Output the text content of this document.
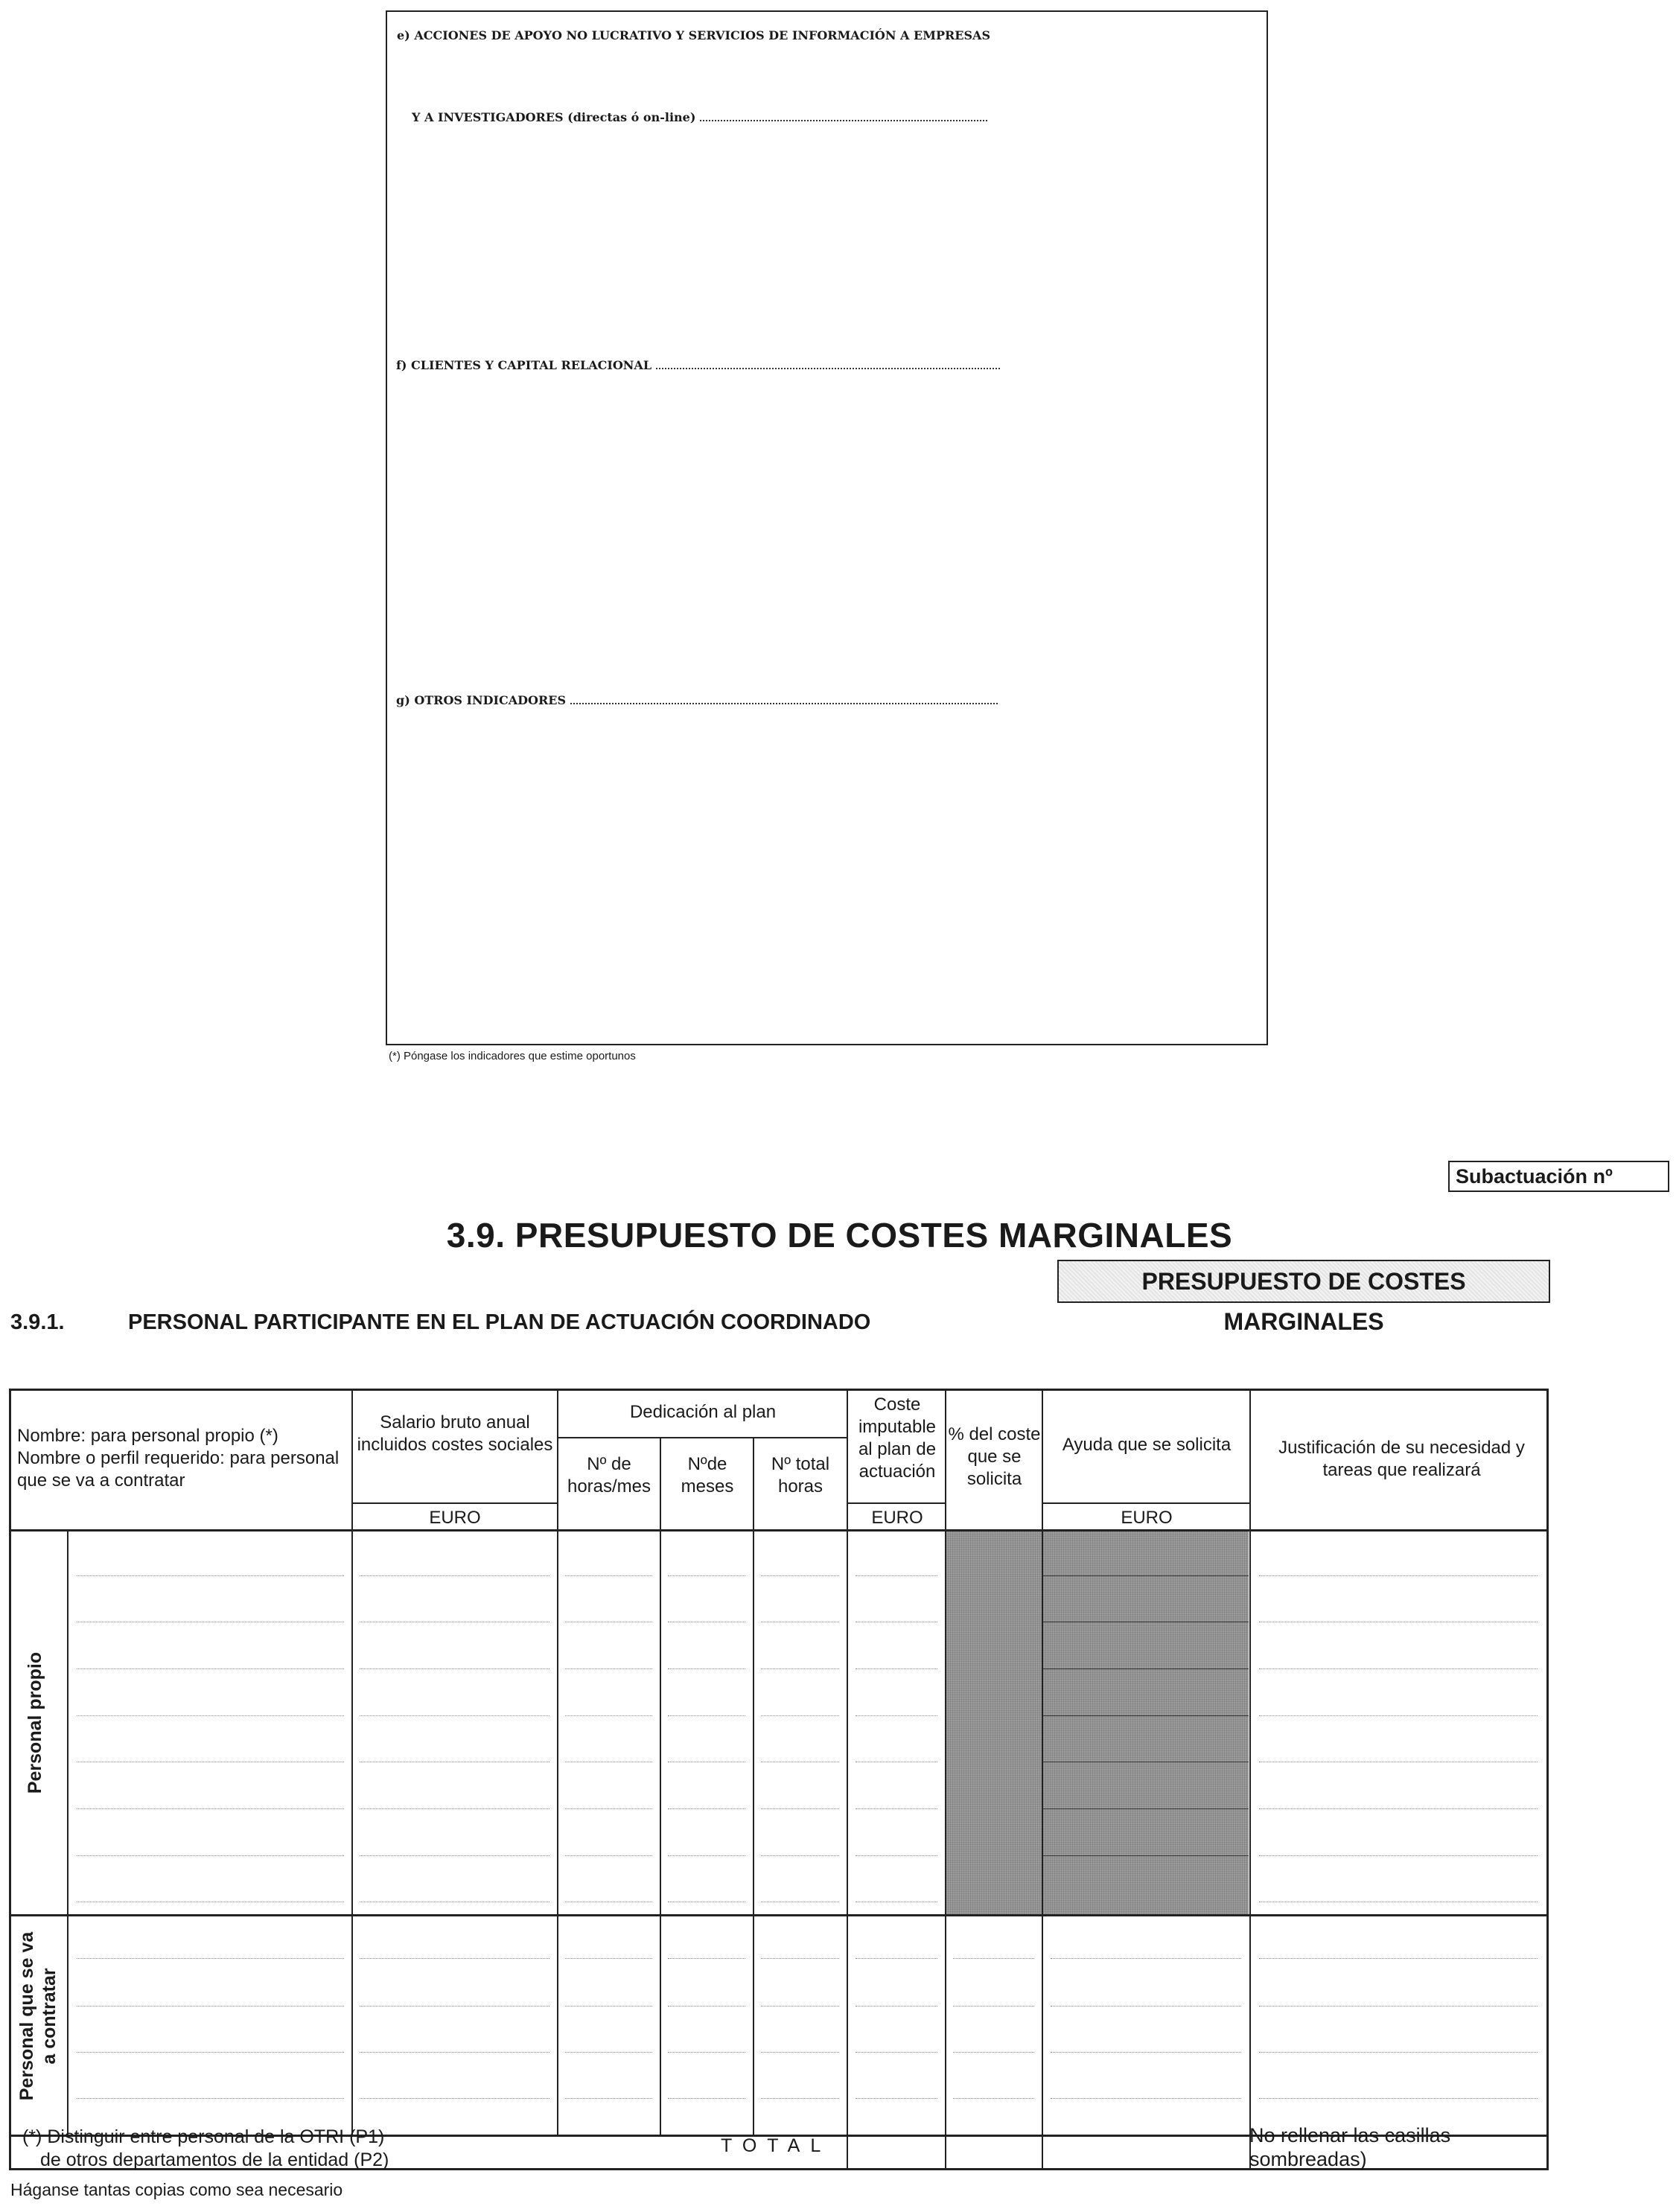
e) ACCIONES DE APOYO NO LUCRATIVO Y SERVICIOS DE INFORMACIÓN A EMPRESAS
Y A INVESTIGADORES (directas ó on-line)
f) CLIENTES Y CAPITAL RELACIONAL
g) OTROS INDICADORES
(*) Póngase los indicadores que estime oportunos
Subactuación nº
3.9. PRESUPUESTO DE COSTES MARGINALES
PRESUPUESTO DE COSTES MARGINALES
3.9.1.	PERSONAL PARTICIPANTE EN EL PLAN DE ACTUACIÓN COORDINADO
Nombre: para personal propio (*)
Nombre o perfil requerido: para personal que se va a contratar
Salario bruto anual incluidos costes sociales
EURO
Dedicación al plan
Nº de horas/mes
Nºde meses
Nº total horas
Coste imputable al plan de actuación
EURO
% del coste que se solicita
Ayuda que se solicita
EURO
Justificación de su necesidad y tareas que realizará
Personal propio
Personal que se va a contratar
(*) Distinguir entre personal de la OTRI (P1)
de otros departamentos de la entidad (P2)
TOTAL	No rellenar las casillas sombreadas)
Háganse tantas copias como sea necesario
